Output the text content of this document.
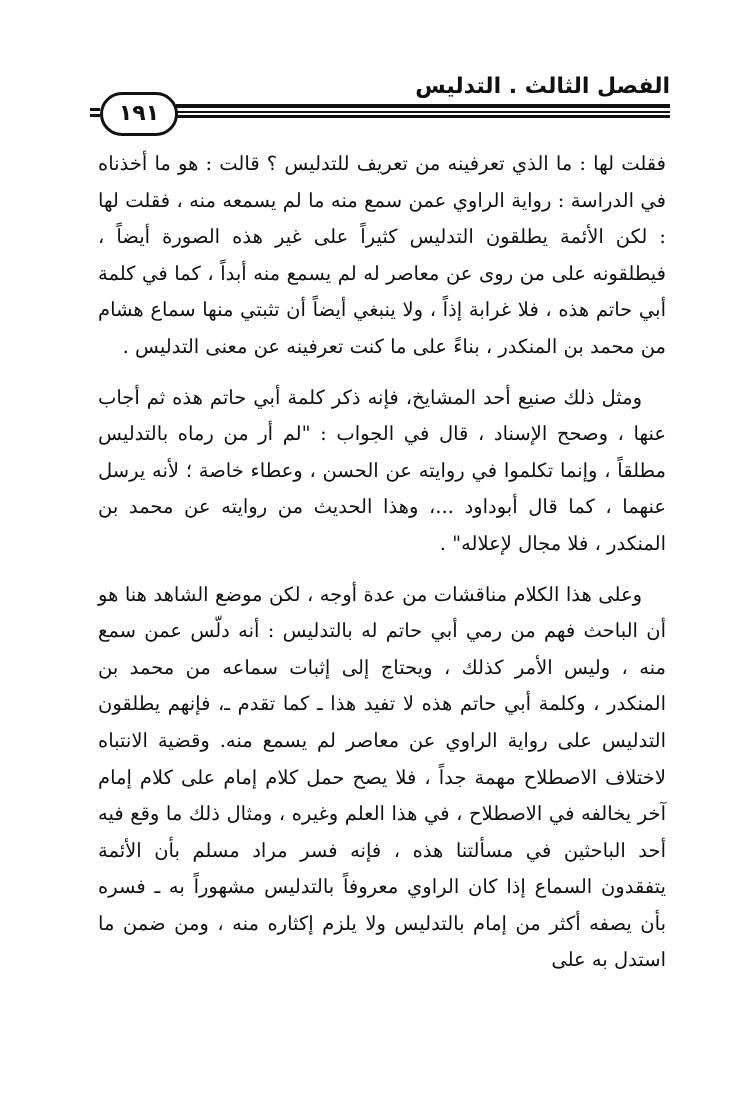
الفصل الثالث . التدليس
١٩١

فقلت لها : ما الذي تعرفينه من تعريف للتدليس ؟ قالت : هو ما أخذناه في الدراسة : رواية الراوي عمن سمع منه ما لم يسمعه منه ، فقلت لها : لكن الأئمة يطلقون التدليس كثيراً على غير هذه الصورة أيضاً ، فيطلقونه على من روى عن معاصر له لم يسمع منه أبداً ، كما في كلمة أبي حاتم هذه ، فلا غرابة إذاً ، ولا ينبغي أيضاً أن تثبتي منها سماع هشام من محمد بن المنكدر ، بناءً على ما كنت تعرفينه عن معنى التدليس .

ومثل ذلك صنيع أحد المشايخ، فإنه ذكر كلمة أبي حاتم هذه ثم أجاب عنها ، وصحح الإسناد ، قال في الجواب : "لم أر من رماه بالتدليس مطلقاً ، وإنما تكلموا في روايته عن الحسن ، وعطاء خاصة ؛ لأنه يرسل عنهما ، كما قال أبوداود ...، وهذا الحديث من روايته عن محمد بن المنكدر ، فلا مجال لإعلاله" .

وعلى هذا الكلام مناقشات من عدة أوجه ، لكن موضع الشاهد هنا هو أن الباحث فهم من رمي أبي حاتم له بالتدليس : أنه دلّس عمن سمع منه ، وليس الأمر كذلك ، ويحتاج إلى إثبات سماعه من محمد بن المنكدر ، وكلمة أبي حاتم هذه لا تفيد هذا ـ كما تقدم ـ، فإنهم يطلقون التدليس على رواية الراوي عن معاصر لم يسمع منه. وقضية الانتباه لاختلاف الاصطلاح مهمة جداً ، فلا يصح حمل كلام إمام على كلام إمام آخر يخالفه في الاصطلاح ، في هذا العلم وغيره ، ومثال ذلك ما وقع فيه أحد الباحثين في مسألتنا هذه ، فإنه فسر مراد مسلم بأن الأئمة يتفقدون السماع إذا كان الراوي معروفاً بالتدليس مشهوراً به ـ فسره بأن يصفه أكثر من إمام بالتدليس ولا يلزم إكثاره منه ، ومن ضمن ما استدل به على
